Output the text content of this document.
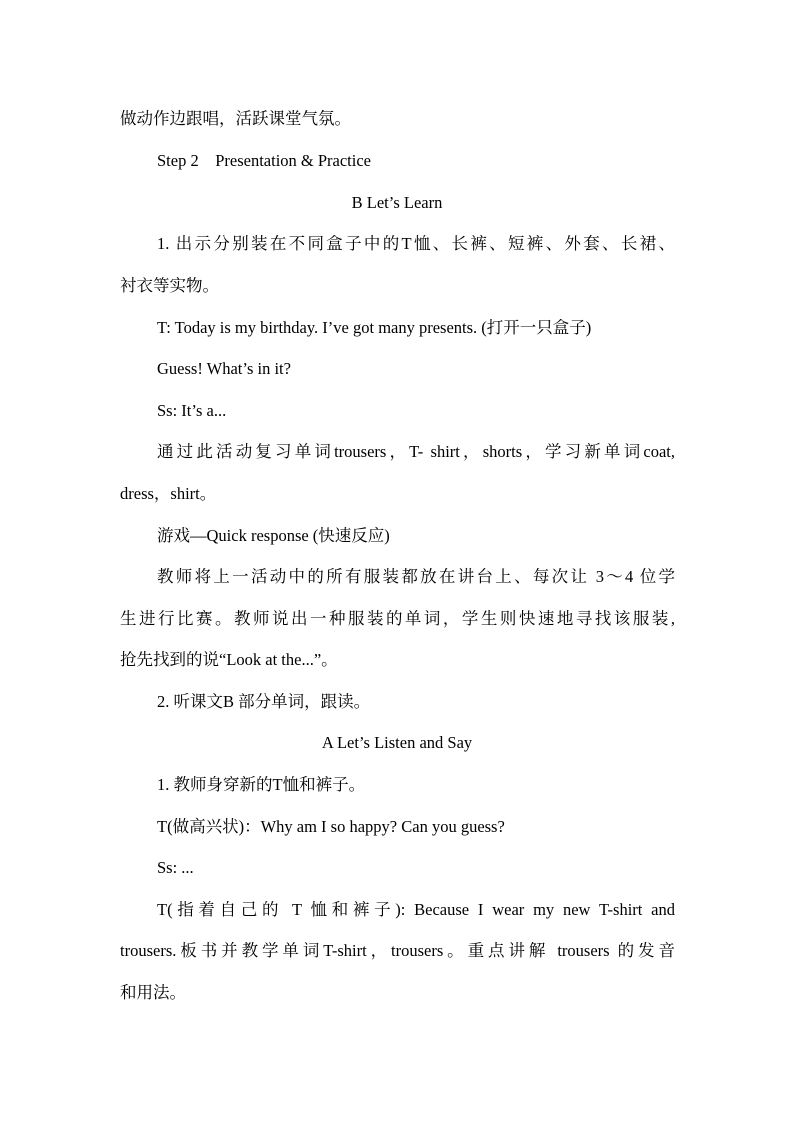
做动作边跟唱，活跃课堂气氛。
Step 2    Presentation & Practice
B Let’s Learn
1. 出示分别装在不同盒子中的T恤、长裤、短裤、外套、长裙、
衬衣等实物。
T: Today is my birthday. I’ve got many presents. (打开一只盒子)
Guess! What’s in it?
Ss: It’s a...
通过此活动复习单词trousers，T- shirt，shorts，学习新单词coat,
dress，shirt。
游戏—Quick response (快速反应)
教师将上一活动中的所有服装都放在讲台上、每次让 3～4 位学
生进行比赛。教师说出一种服装的单词，学生则快速地寻找该服装,
抢先找到的说“Look at the...”。
2. 听课文B 部分单词，跟读。
A Let’s Listen and Say
1. 教师身穿新的T恤和裤子。
T(做高兴状)：Why am I so happy? Can you guess?
Ss: ...
T(指着自己的 T 恤和裤子): Because I wear my new T-shirt and
trousers.板书并教学单词T-shirt，trousers。重点讲解 trousers 的发音
和用法。
